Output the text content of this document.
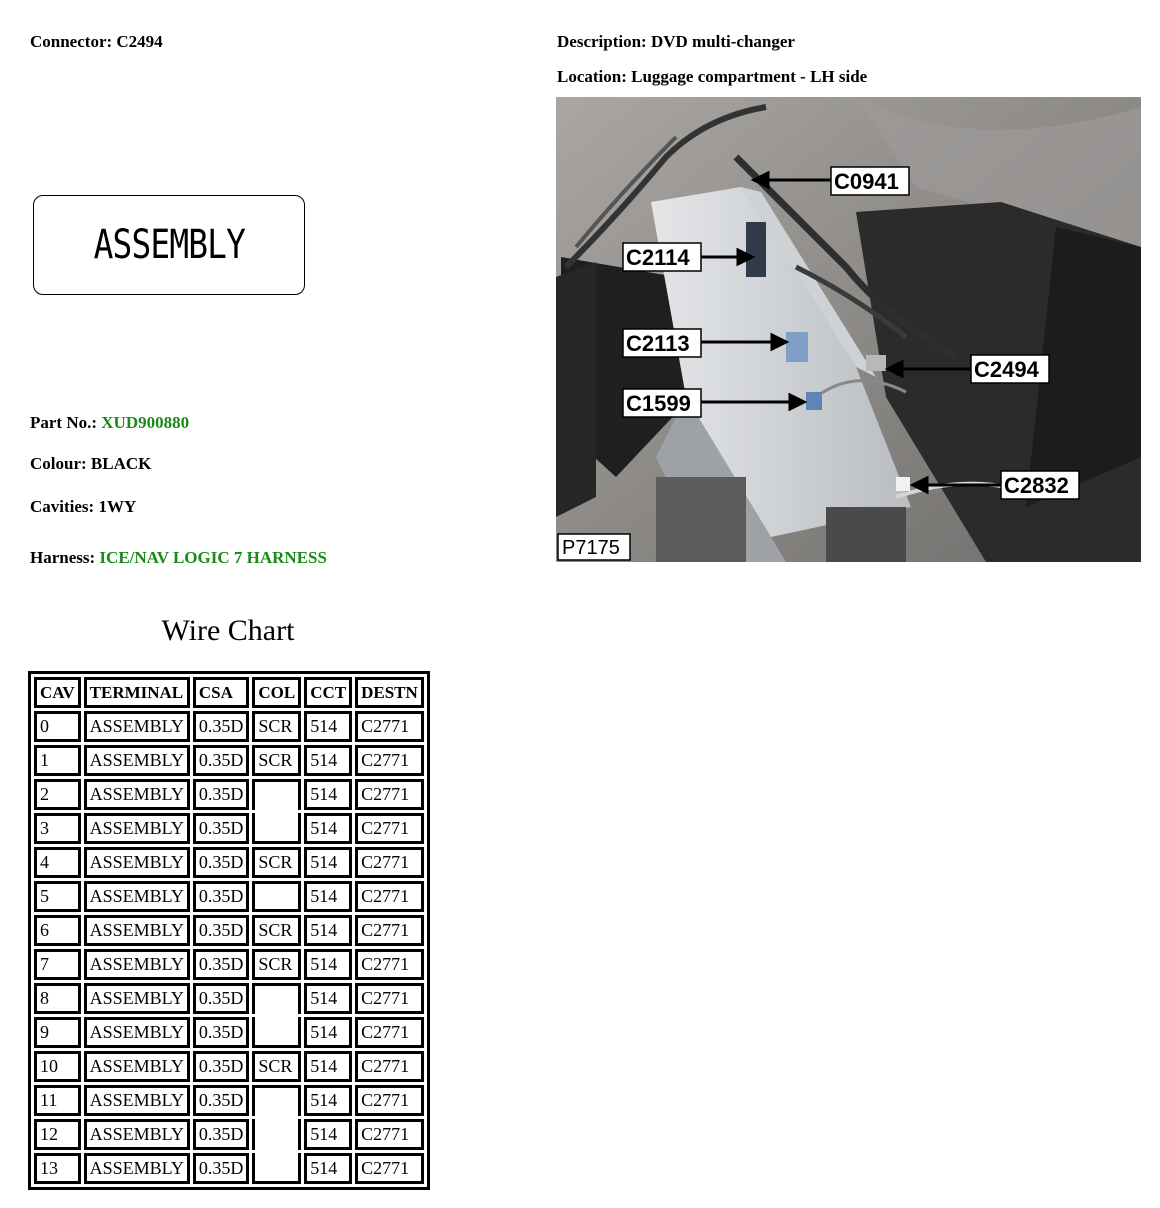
Connector: C2494	Description: DVD multi-changer
Location: Luggage compartment - LH side
ASSEMBLY
Part No.: XUD900880
Colour: BLACK
Cavities: 1WY
Harness: ICE/NAV LOGIC 7 HARNESS
C0941
C2114
C2113
C1599
C2494
C2832
P7175
Wire Chart
CAV	TERMINAL	CSA	COL	CCT	DESTN
0	ASSEMBLY	0.35D	SCR	514	C2771
1	ASSEMBLY	0.35D	SCR	514	C2771
2	ASSEMBLY	0.35D		514	C2771
3	ASSEMBLY	0.35D		514	C2771
4	ASSEMBLY	0.35D	SCR	514	C2771
5	ASSEMBLY	0.35D		514	C2771
6	ASSEMBLY	0.35D	SCR	514	C2771
7	ASSEMBLY	0.35D	SCR	514	C2771
8	ASSEMBLY	0.35D		514	C2771
9	ASSEMBLY	0.35D		514	C2771
10	ASSEMBLY	0.35D	SCR	514	C2771
11	ASSEMBLY	0.35D		514	C2771
12	ASSEMBLY	0.35D		514	C2771
13	ASSEMBLY	0.35D		514	C2771
